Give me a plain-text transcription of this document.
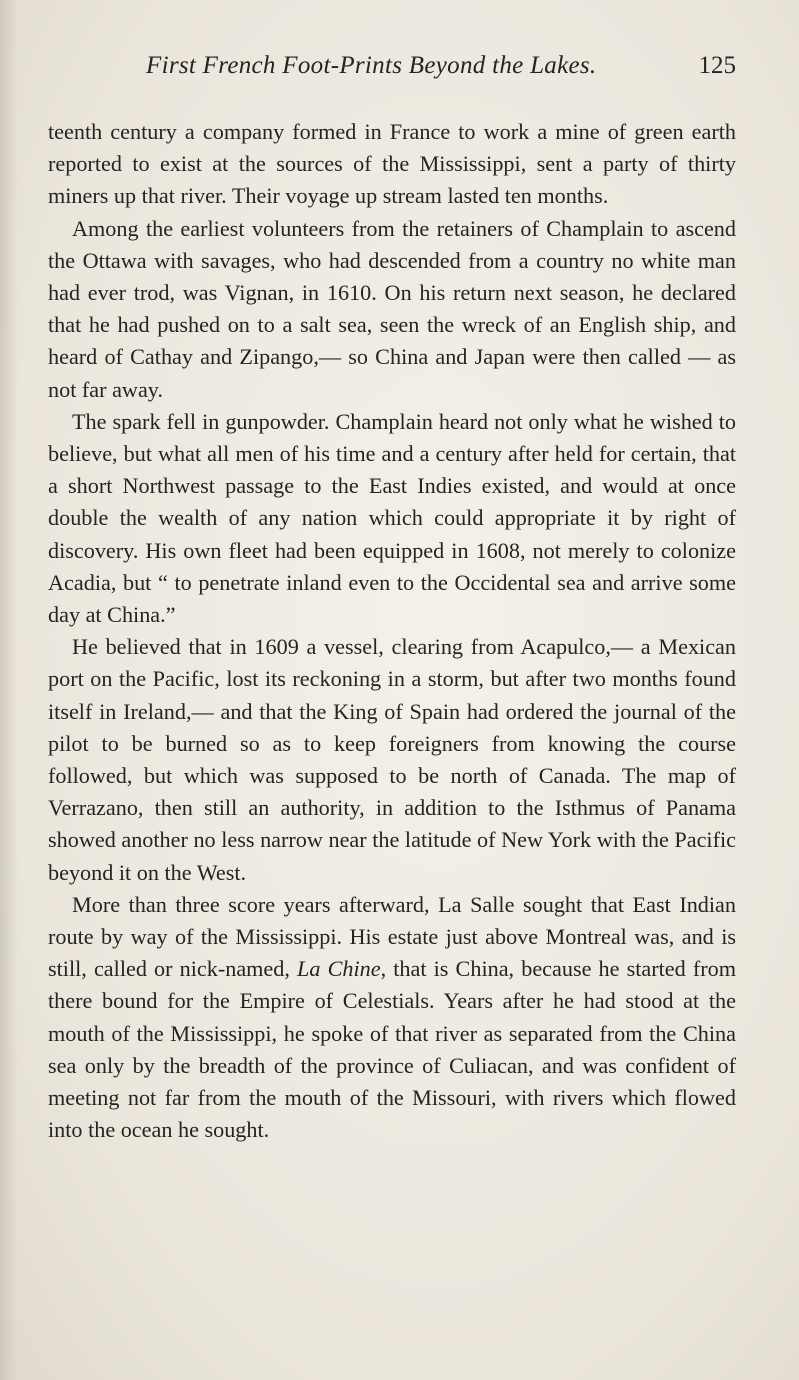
First French Foot-Prints Beyond the Lakes.	125

teenth century a company formed in France to work a mine of green earth reported to exist at the sources of the Mississippi, sent a party of thirty miners up that river. Their voyage up stream lasted ten months.

Among the earliest volunteers from the retainers of Champlain to ascend the Ottawa with savages, who had descended from a country no white man had ever trod, was Vignan, in 1610. On his return next season, he declared that he had pushed on to a salt sea, seen the wreck of an English ship, and heard of Cathay and Zipango,— so China and Japan were then called — as not far away.

The spark fell in gunpowder. Champlain heard not only what he wished to believe, but what all men of his time and a century after held for certain, that a short Northwest passage to the East Indies existed, and would at once double the wealth of any nation which could appropriate it by right of discovery. His own fleet had been equipped in 1608, not merely to colonize Acadia, but “ to penetrate inland even to the Occidental sea and arrive some day at China.”

He believed that in 1609 a vessel, clearing from Acapulco,— a Mexican port on the Pacific, lost its reckoning in a storm, but after two months found itself in Ireland,— and that the King of Spain had ordered the journal of the pilot to be burned so as to keep foreigners from knowing the course followed, but which was supposed to be north of Canada. The map of Verrazano, then still an authority, in addition to the Isthmus of Panama showed another no less narrow near the latitude of New York with the Pacific beyond it on the West.

More than three score years afterward, La Salle sought that East Indian route by way of the Mississippi. His estate just above Montreal was, and is still, called or nick-named, La Chine, that is China, because he started from there bound for the Empire of Celestials. Years after he had stood at the mouth of the Mississippi, he spoke of that river as separated from the China sea only by the breadth of the province of Culiacan, and was confident of meeting not far from the mouth of the Missouri, with rivers which flowed into the ocean he sought.
